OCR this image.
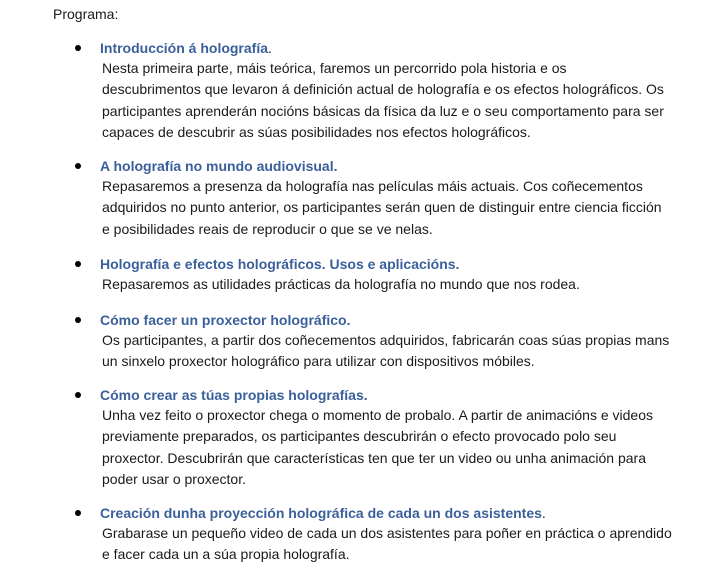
Programa:
Introducción á holografía.
Nesta primeira parte, máis teórica, faremos un percorrido pola historia e os
descubrimentos que levaron á definición actual de holografía e os efectos holográficos. Os
participantes aprenderán nocións básicas da física da luz e o seu comportamento para ser
capaces de descubrir as súas posibilidades nos efectos holográficos.
A holografía no mundo audiovisual.
Repasaremos a presenza da holografía nas películas máis actuais. Cos coñecementos
adquiridos no punto anterior, os participantes serán quen de distinguir entre ciencia ficción
e posibilidades reais de reproducir o que se ve nelas.
Holografía e efectos holográficos. Usos e aplicacións.
Repasaremos as utilidades prácticas da holografía no mundo que nos rodea.
Cómo facer un proxector holográfico.
Os participantes, a partir dos coñecementos adquiridos, fabricarán coas súas propias mans
un sinxelo proxector holográfico para utilizar con dispositivos móbiles.
Cómo crear as túas propias holografías.
Unha vez feito o proxector chega o momento de probalo. A partir de animacións e videos
previamente preparados, os participantes descubrirán o efecto provocado polo seu
proxector. Descubrirán que características ten que ter un video ou unha animación para
poder usar o proxector.
Creación dunha proyección holográfica de cada un dos asistentes.
Grabarase un pequeño video de cada un dos asistentes para poñer en práctica o aprendido
e facer cada un a súa propia holografía.
